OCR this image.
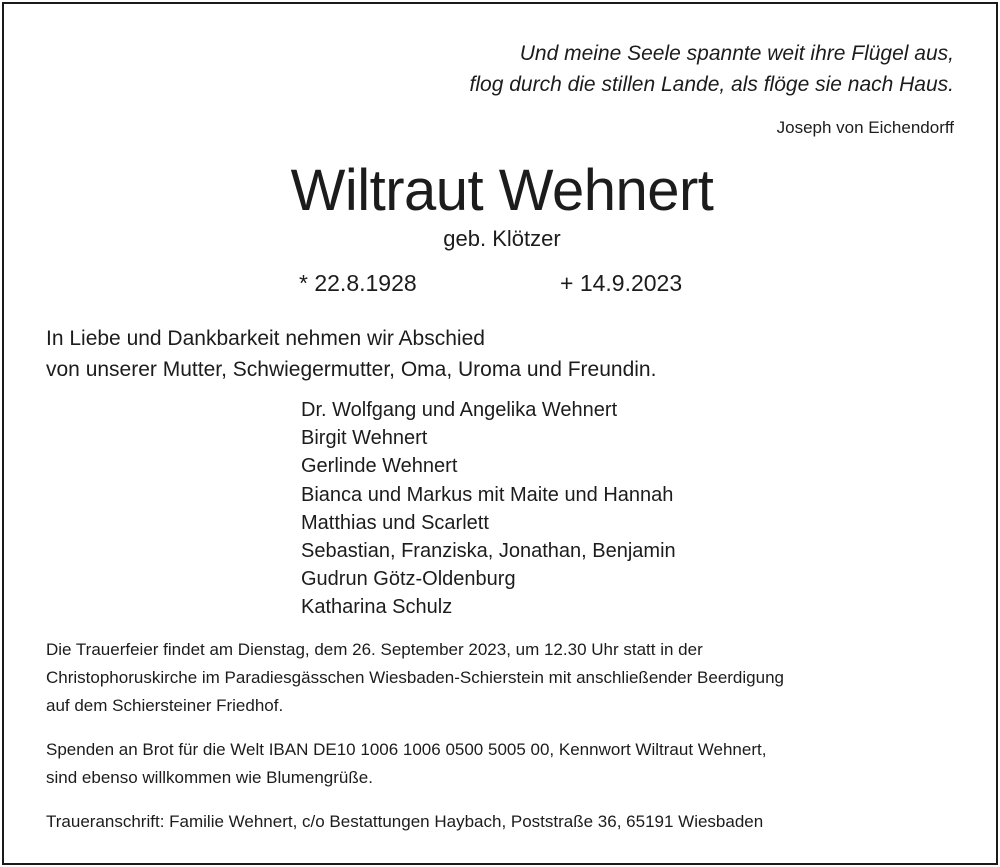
Und meine Seele spannte weit ihre Flügel aus,
flog durch die stillen Lande, als flöge sie nach Haus.
Joseph von Eichendorff
Wiltraut Wehnert
geb. Klötzer
* 22.8.1928	+ 14.9.2023
In Liebe und Dankbarkeit nehmen wir Abschied
von unserer Mutter, Schwiegermutter, Oma, Uroma und Freundin.
Dr. Wolfgang und Angelika Wehnert
Birgit Wehnert
Gerlinde Wehnert
Bianca und Markus mit Maite und Hannah
Matthias und Scarlett
Sebastian, Franziska, Jonathan, Benjamin
Gudrun Götz-Oldenburg
Katharina Schulz
Die Trauerfeier findet am Dienstag, dem 26. September 2023, um 12.30 Uhr statt in der
Christophoruskirche im Paradiesgässchen Wiesbaden-Schierstein mit anschließender Beerdigung
auf dem Schiersteiner Friedhof.
Spenden an Brot für die Welt IBAN DE10 1006 1006 0500 5005 00, Kennwort Wiltraut Wehnert,
sind ebenso willkommen wie Blumengrüße.
Traueranschrift: Familie Wehnert, c/o Bestattungen Haybach, Poststraße 36, 65191 Wiesbaden
